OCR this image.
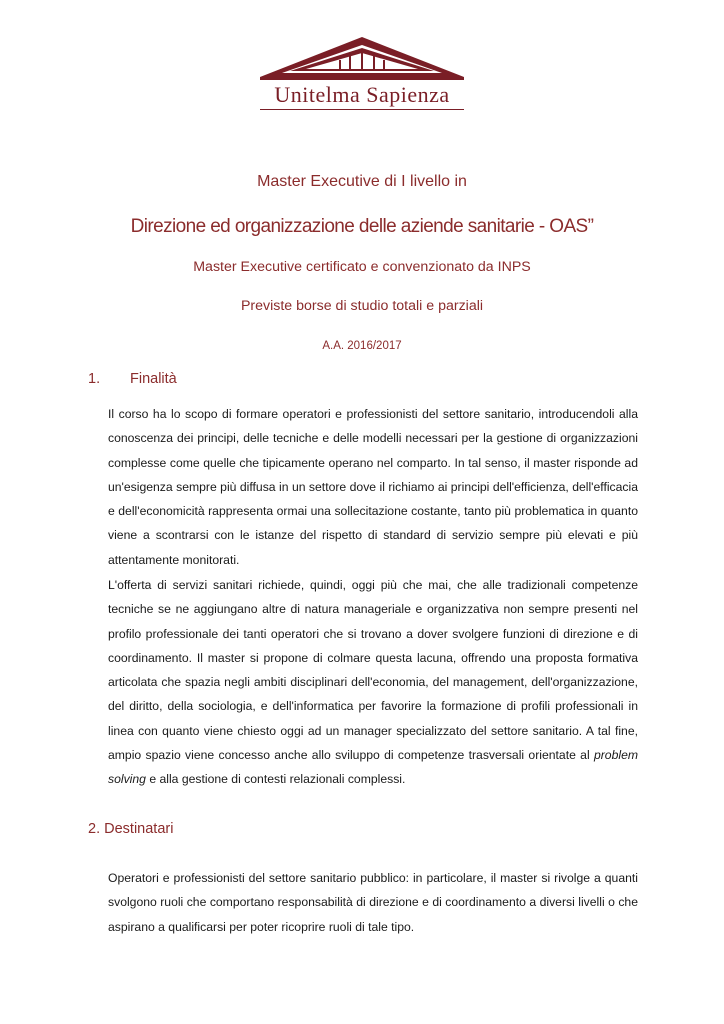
Unitelma Sapienza
Master Executive di I livello in
Direzione ed organizzazione delle aziende sanitarie - OAS”
Master Executive certificato e convenzionato da INPS
Previste borse di studio totali e parziali
A.A. 2016/2017
1. Finalità

Il corso ha lo scopo di formare operatori e professionisti del settore sanitario, introducendoli alla conoscenza dei principi, delle tecniche e delle modelli necessari per la gestione di organizzazioni complesse come quelle che tipicamente operano nel comparto. In tal senso, il master risponde ad un'esigenza sempre più diffusa in un settore dove il richiamo ai principi dell'efficienza, dell'efficacia e dell'economicità rappresenta ormai una sollecitazione costante, tanto più problematica in quanto viene a scontrarsi con le istanze del rispetto di standard di servizio sempre più elevati e più attentamente monitorati.

L'offerta di servizi sanitari richiede, quindi, oggi più che mai, che alle tradizionali competenze tecniche se ne aggiungano altre di natura manageriale e organizzativa non sempre presenti nel profilo professionale dei tanti operatori che si trovano a dover svolgere funzioni di direzione e di coordinamento. Il master si propone di colmare questa lacuna, offrendo una proposta formativa articolata che spazia negli ambiti disciplinari dell'economia, del management, dell'organizzazione, del diritto, della sociologia, e dell'informatica per favorire la formazione di profili professionali in linea con quanto viene chiesto oggi ad un manager specializzato del settore sanitario. A tal fine, ampio spazio viene concesso anche allo sviluppo di competenze trasversali orientate al problem solving e alla gestione di contesti relazionali complessi.

2. Destinatari

Operatori e professionisti del settore sanitario pubblico: in particolare, il master si rivolge a quanti svolgono ruoli che comportano responsabilità di direzione e di coordinamento a diversi livelli o che aspirano a qualificarsi per poter ricoprire ruoli di tale tipo.
